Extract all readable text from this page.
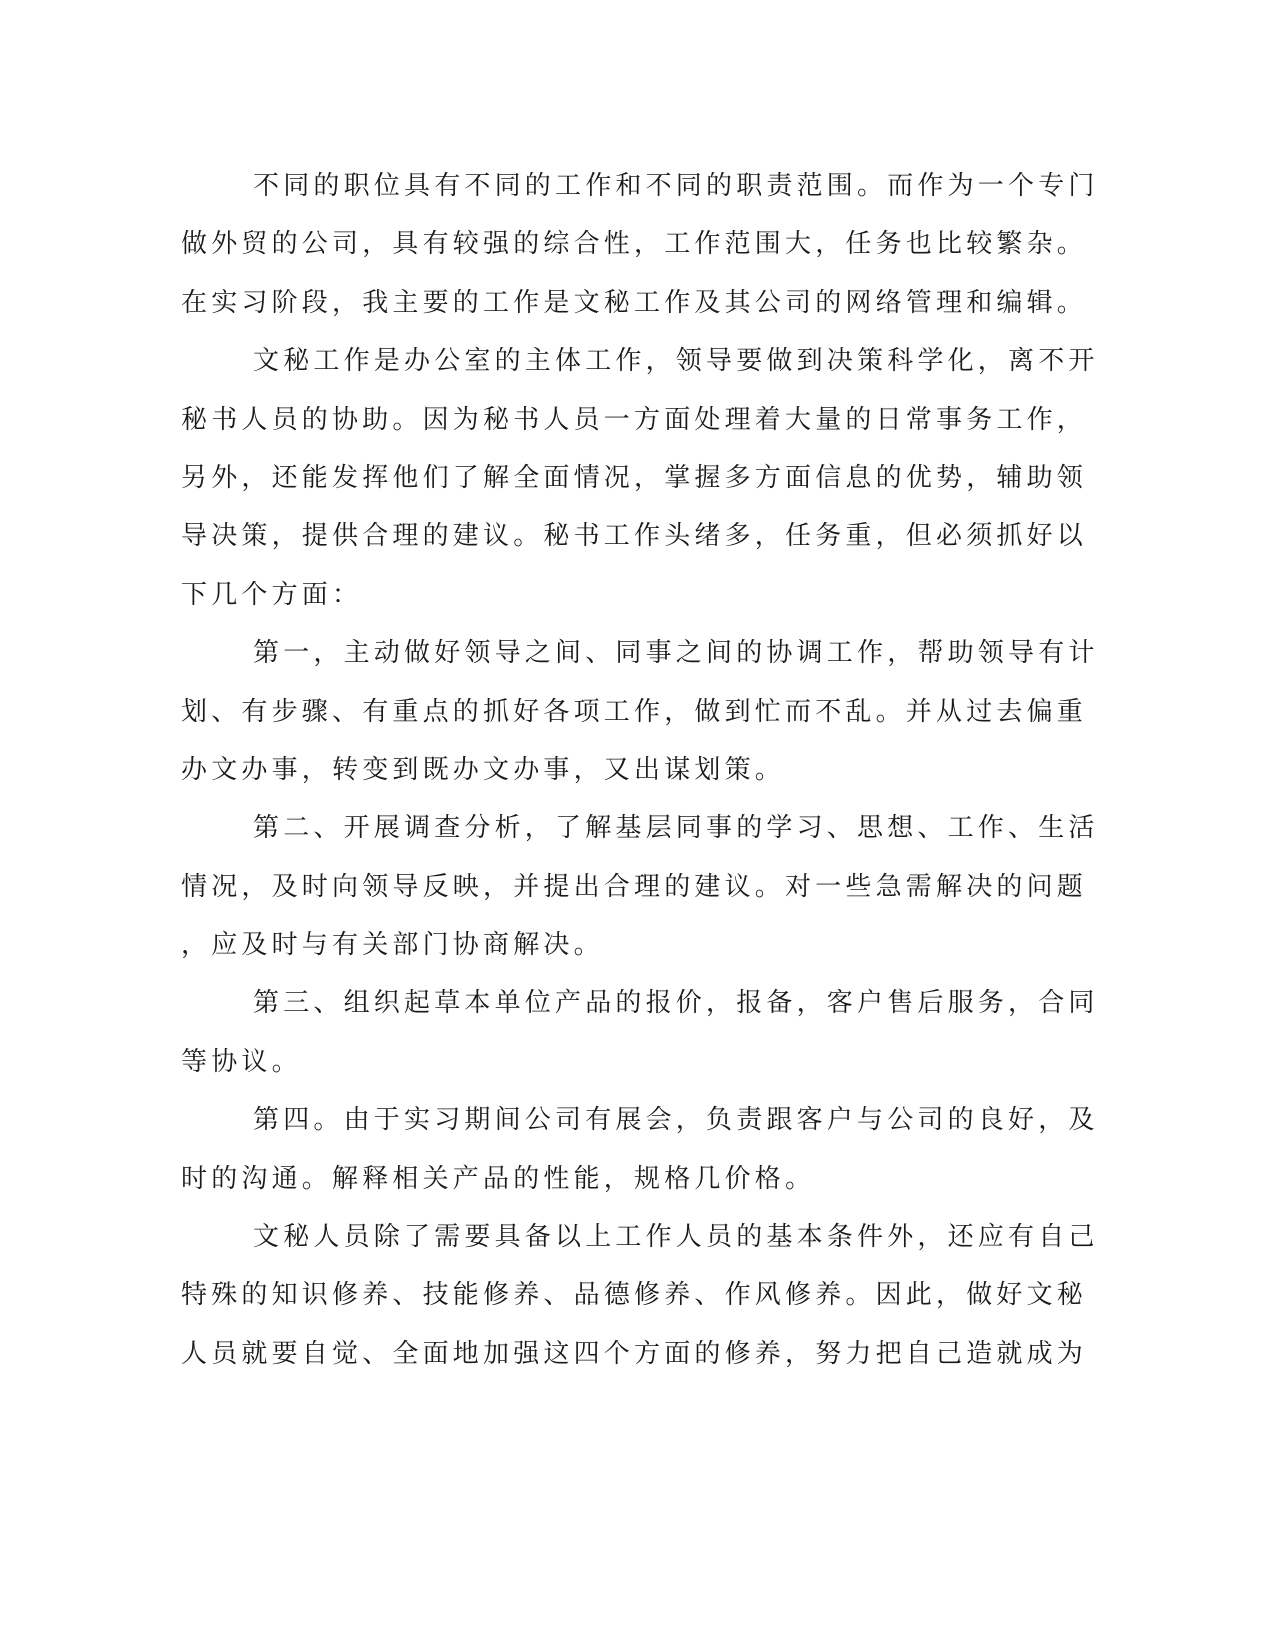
不同的职位具有不同的工作和不同的职责范围。而作为一个专门
做外贸的公司，具有较强的综合性，工作范围大，任务也比较繁杂。
在实习阶段，我主要的工作是文秘工作及其公司的网络管理和编辑。
文秘工作是办公室的主体工作，领导要做到决策科学化，离不开
秘书人员的协助。因为秘书人员一方面处理着大量的日常事务工作，
另外，还能发挥他们了解全面情况，掌握多方面信息的优势，辅助领
导决策，提供合理的建议。秘书工作头绪多，任务重，但必须抓好以
下几个方面：
第一，主动做好领导之间、同事之间的协调工作，帮助领导有计
划、有步骤、有重点的抓好各项工作，做到忙而不乱。并从过去偏重
办文办事，转变到既办文办事，又出谋划策。
第二、开展调查分析，了解基层同事的学习、思想、工作、生活
情况，及时向领导反映，并提出合理的建议。对一些急需解决的问题
，应及时与有关部门协商解决。
第三、组织起草本单位产品的报价，报备，客户售后服务，合同
等协议。
第四。由于实习期间公司有展会，负责跟客户与公司的良好，及
时的沟通。解释相关产品的性能，规格几价格。
文秘人员除了需要具备以上工作人员的基本条件外，还应有自己
特殊的知识修养、技能修养、品德修养、作风修养。因此，做好文秘
人员就要自觉、全面地加强这四个方面的修养，努力把自己造就成为
